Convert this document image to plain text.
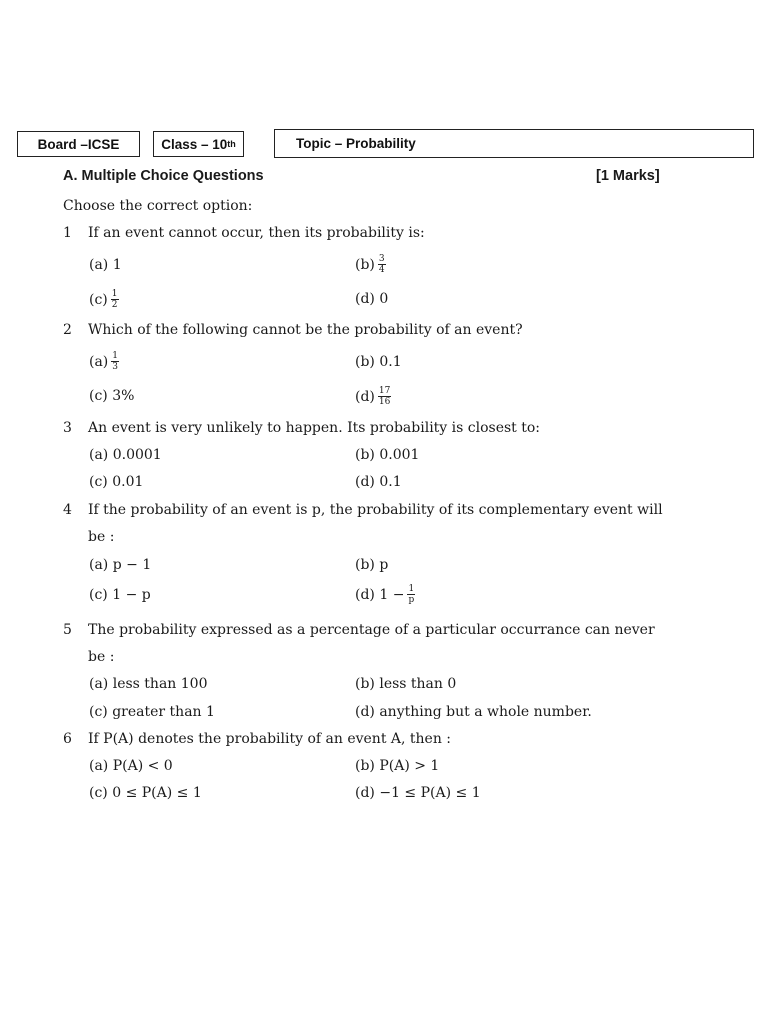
Board –ICSE	Class – 10 th	Topic – Probability
A. Multiple Choice Questions	[1 Marks]
Choose the correct option:
1 If an event cannot occur, then its probability is:
(a) 1	$(b) \frac{3}{4}$
$(c) \frac{1}{2}$	(d) 0
2 Which of the following cannot be the probability of an event?
$(a) \frac{1}{3}$	(b) 0.1
(c) 3%	$(d) \frac{17}{16}$
3 An event is very unlikely to happen. Its probability is closest to:
(a) 0.0001	(b) 0.001
(c) 0.01	(d) 0.1
4 If the probability of an event is p, the probability of its complementary event will
be :
(a) p − 1	(b) p
(c) 1 − p	(d) $1 - \frac{1}{p}$
5 The probability expressed as a percentage of a particular occurrance can never
be :
(a) less than 100	(b) less than 0
(c) greater than 1	(d) anything but a whole number.
6 If P(A) denotes the probability of an event A, then :
(a) P(A) < 0	(b) P(A) > 1
(c) 0 ≤ P(A) ≤ 1	(d) −1 ≤ P(A) ≤ 1
